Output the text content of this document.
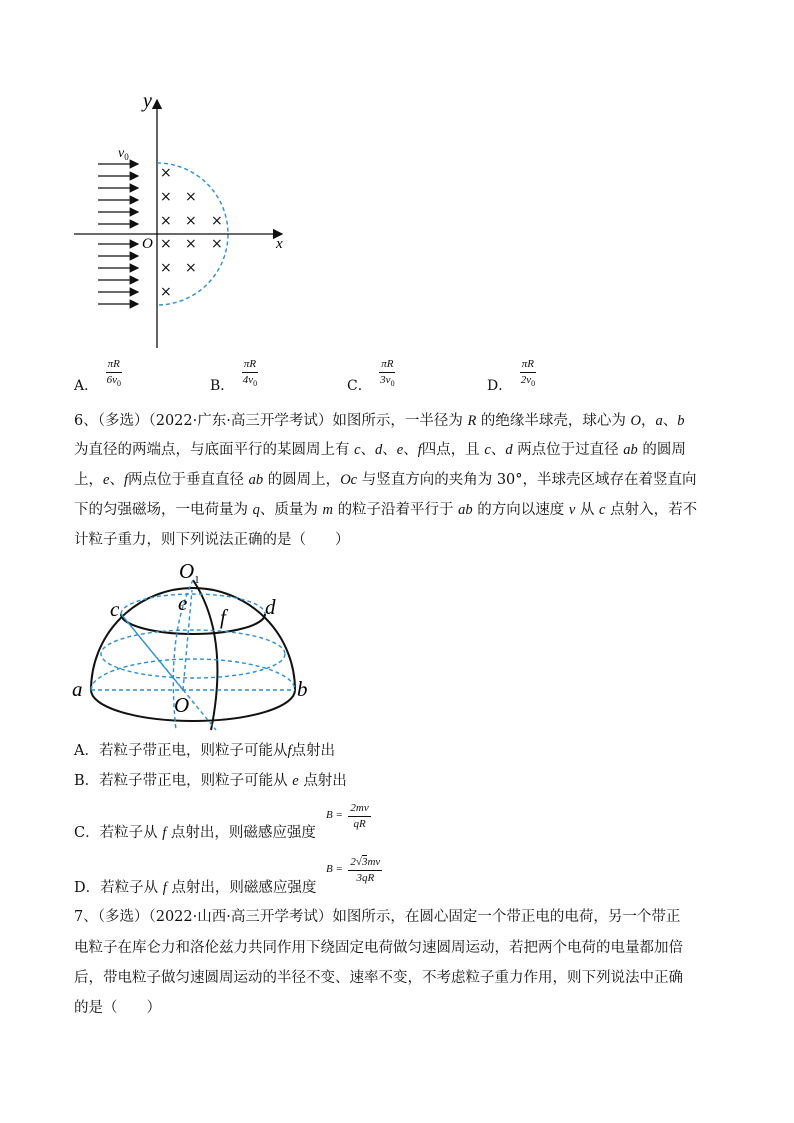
×
× ×
× × ×
× × ×
× ×
×
y
x
O
$v_0$
A． $\frac{\pi R}{6v_0}$	B． $\frac{\pi R}{4v_0}$	C． $\frac{\pi R}{3v_0}$	D． $\frac{\pi R}{2v_0}$
6、（多选）（2022·广东·高三开学考试）如图所示，一半径为 R 的绝缘半球壳，球心为 O，a、b
为直径的两端点，与底面平行的某圆周上有 c、d、e、f四点，且 c、d 两点位于过直径 ab 的圆周
上，e、f两点位于垂直直径 ab 的圆周上，Oc 与竖直方向的夹角为 30°，半球壳区域存在着竖直向
下的匀强磁场，一电荷量为 q、质量为 m 的粒子沿着平行于 ab 的方向以速度 v 从 c 点射入，若不
计粒子重力，则下列说法正确的是（　　）
$O_1$
c	e	d
f
a	b
O
A．若粒子带正电，则粒子可能从f点射出
B．若粒子带正电，则粒子可能从 e 点射出
C．若粒子从 f 点射出，则磁感应强度
$B = \frac{2mv}{qR}$
D．若粒子从 f 点射出，则磁感应强度
$B = \frac{2√3mv}{3qR}$
7、（多选）（2022·山西·高三开学考试）如图所示，在圆心固定一个带正电的电荷，另一个带正
电粒子在库仑力和洛伦兹力共同作用下绕固定电荷做匀速圆周运动，若把两个电荷的电量都加倍
后，带电粒子做匀速圆周运动的半径不变、速率不变，不考虑粒子重力作用，则下列说法中正确
的是（　　）
